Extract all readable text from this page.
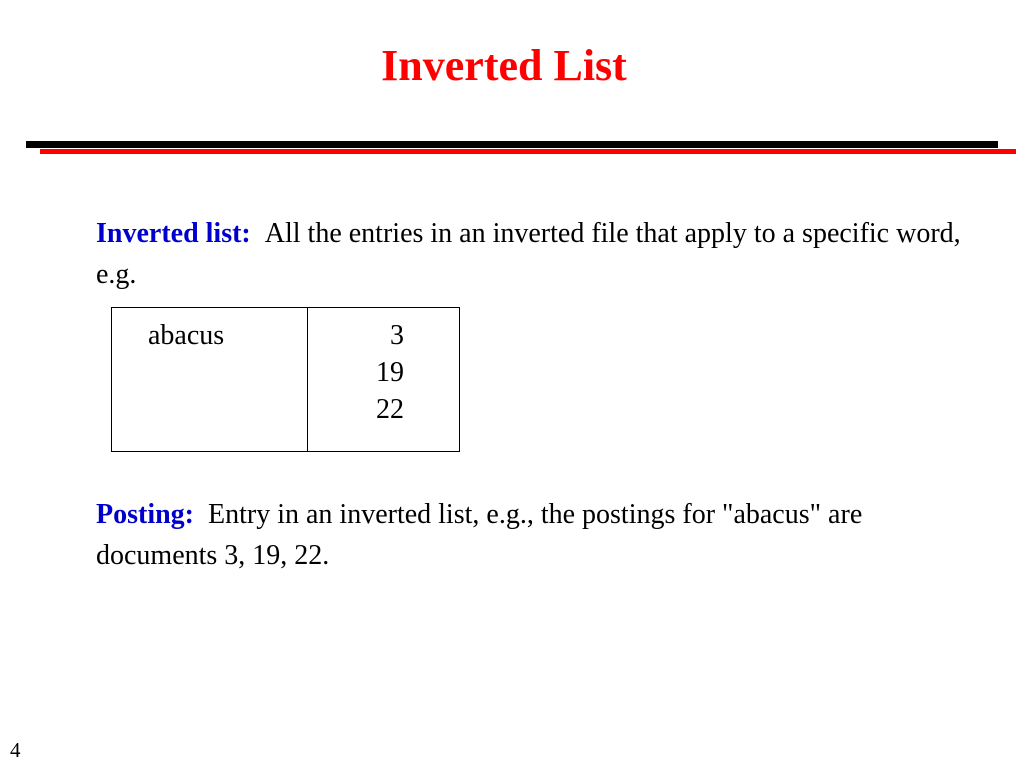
Inverted List
Inverted list: All the entries in an inverted file that apply to a specific word, e.g.
abacus	3
19
22
Posting: Entry in an inverted list, e.g., the postings for "abacus" are documents 3, 19, 22.
4
